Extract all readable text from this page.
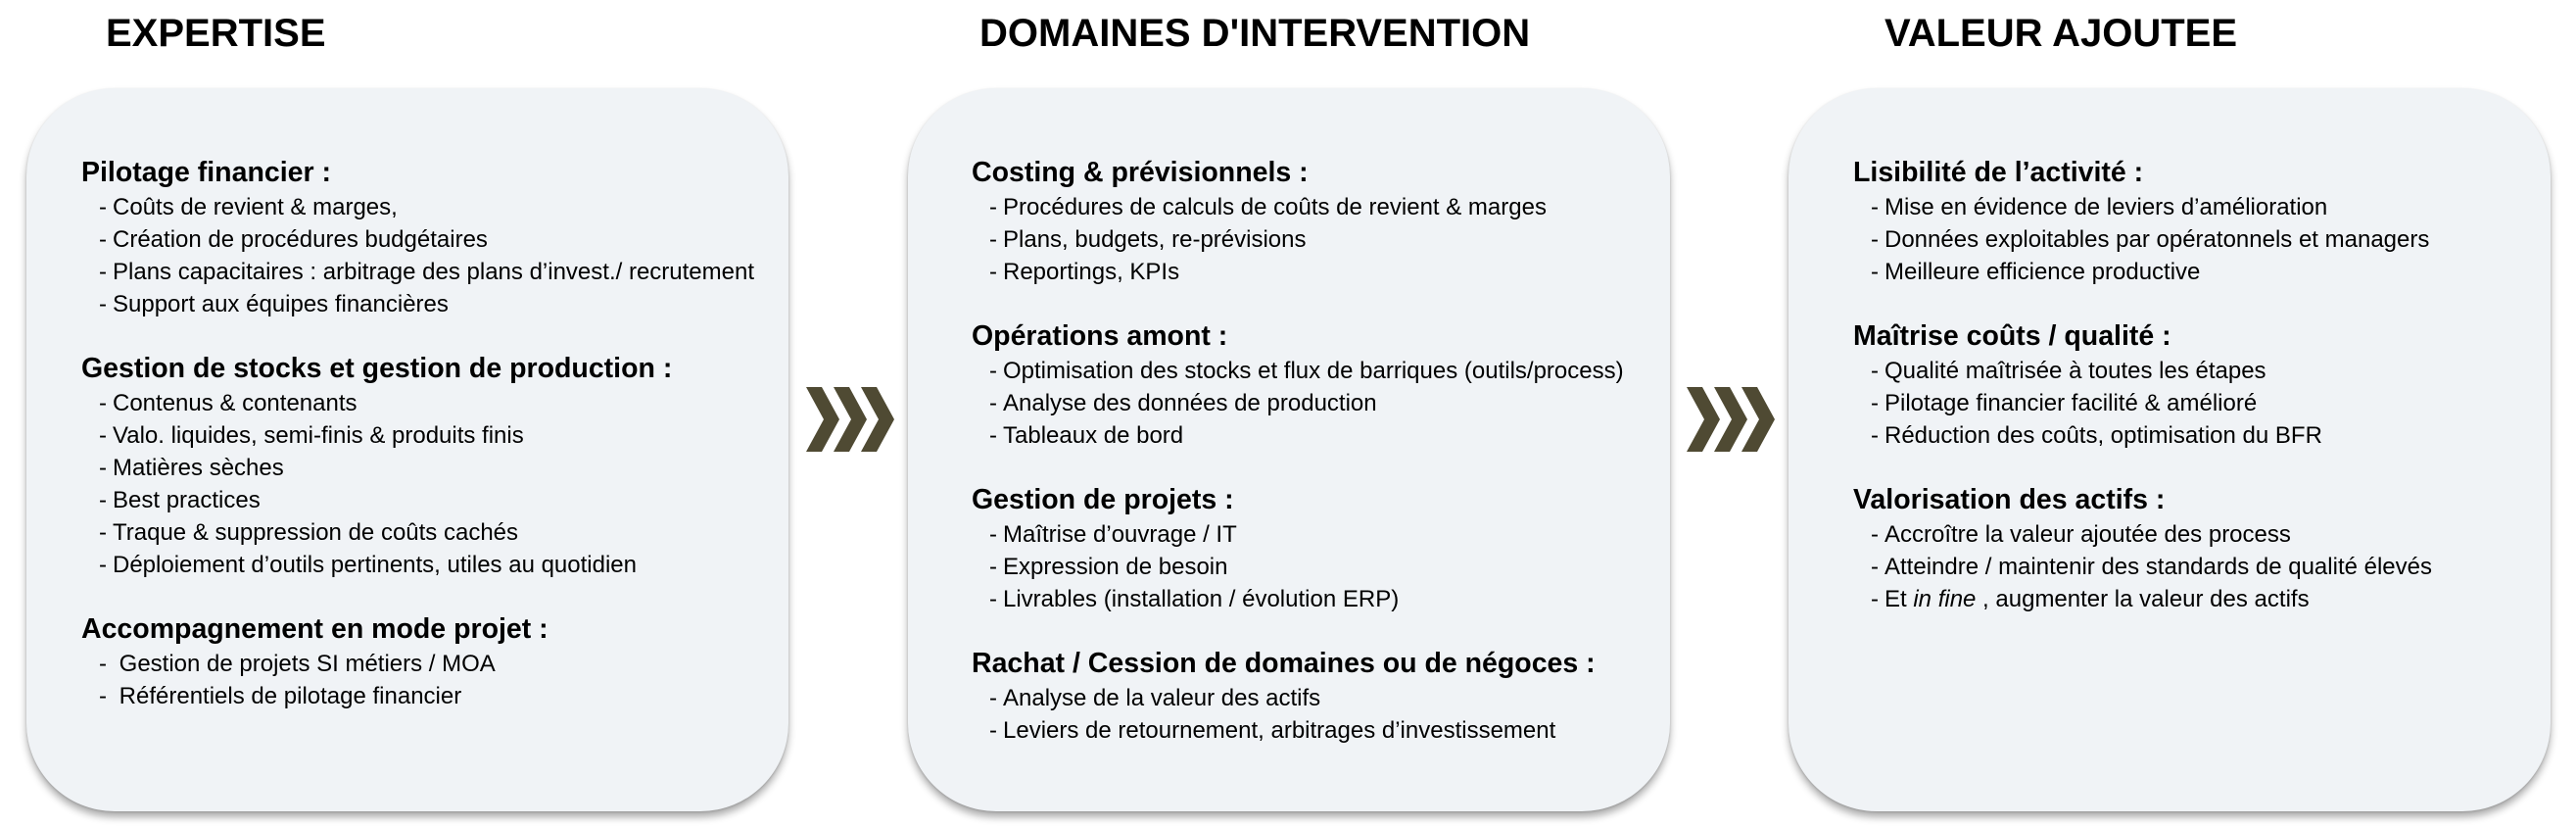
EXPERTISE	DOMAINES D'INTERVENTION	VALEUR AJOUTEE
Pilotage financier :
- Coûts de revient & marges,
- Création de procédures budgétaires
- Plans capacitaires : arbitrage des plans d’invest./ recrutement
- Support aux équipes financières
Gestion de stocks et gestion de production :
- Contenus & contenants
- Valo. liquides, semi-finis & produits finis
- Matières sèches
- Best practices
- Traque & suppression de coûts cachés
- Déploiement d’outils pertinents, utiles au quotidien
Accompagnement en mode projet :
- Gestion de projets SI métiers / MOA
- Référentiels de pilotage financier
Costing & prévisionnels :
- Procédures de calculs de coûts de revient & marges
- Plans, budgets, re-prévisions
- Reportings, KPIs
Opérations amont :
- Optimisation des stocks et flux de barriques (outils/process)
- Analyse des données de production
- Tableaux de bord
Gestion de projets :
- Maîtrise d’ouvrage / IT
- Expression de besoin
- Livrables (installation / évolution ERP)
Rachat / Cession de domaines ou de négoces :
- Analyse de la valeur des actifs
- Leviers de retournement, arbitrages d’investissement
Lisibilité de l’activité :
- Mise en évidence de leviers d’amélioration
- Données exploitables par opératonnels et managers
- Meilleure efficience productive
Maîtrise coûts / qualité :
- Qualité maîtrisée à toutes les étapes
- Pilotage financier facilité & amélioré
- Réduction des coûts, optimisation du BFR
Valorisation des actifs :
- Accroître la valeur ajoutée des process
- Atteindre / maintenir des standards de qualité élevés
- Et in fine , augmenter la valeur des actifs
